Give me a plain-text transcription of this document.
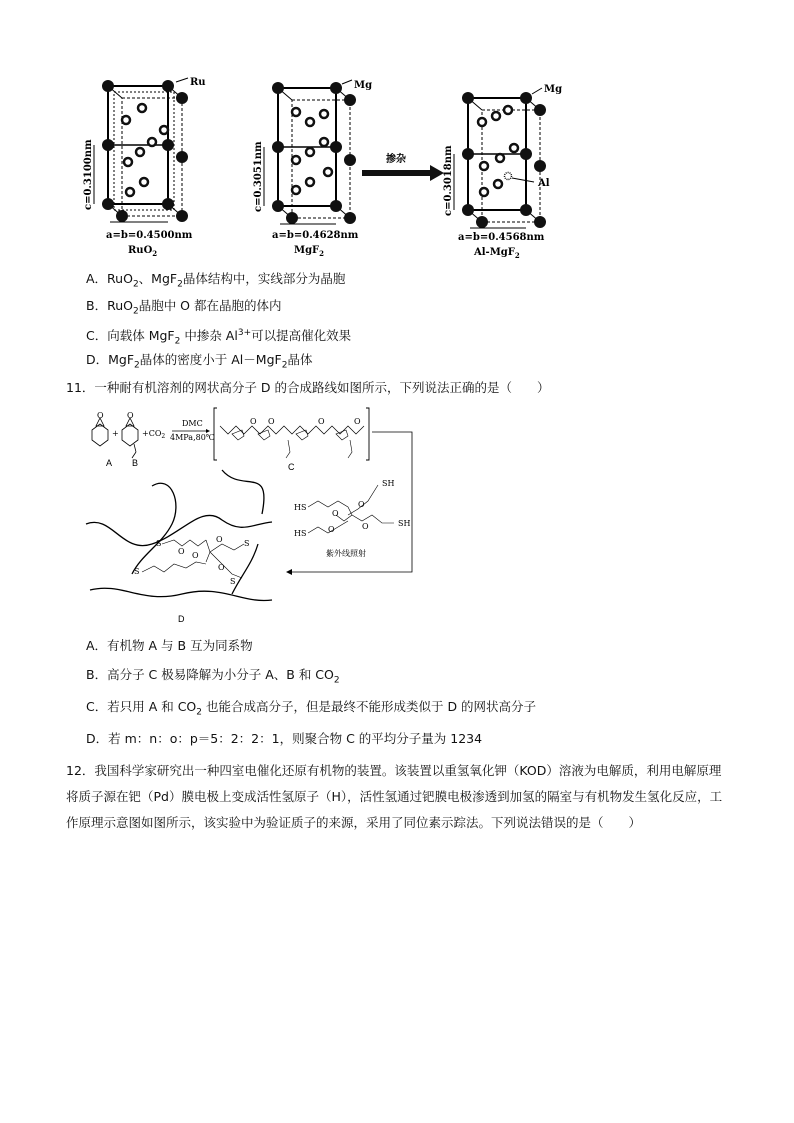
Ru
c=0.3100nm
a=b=0.4500nm
RuO$_2$
Mg
c=0.3051nm
a=b=0.4628nm
MgF$_2$
掺杂
Al
Mg
c=0.3018nm
a=b=0.4568nm
Al-MgF$_2$
A．RuO$_2$、MgF$_2$晶体结构中，实线部分为晶胞
B．RuO$_2$晶胞中 O 都在晶胞的体内
C．向载体 MgF$_2$ 中掺杂 $Al^{3+}$可以提高催化效果
D．MgF$_2$晶体的密度小于 Al－MgF$_2$晶体
11．一种耐有机溶剂的网状高分子 D 的合成路线如图所示，下列说法正确的是（　　）
O
A
+
O
B
$+CO_2$
DMC
4MPa,80℃
O O	O	O
C
HS
HS
SH
SH
O
O
O
O
紫外线照射
S
S
S
S
O O
O
O
D
A．有机物 A 与 B 互为同系物
B．高分子 C 极易降解为小分子 A、B 和 $CO_2$
C．若只用 A 和 $CO_2$ 也能合成高分子，但是最终不能形成类似于 D 的网状高分子
D．若 m：n：o：p＝5：2：2：1，则聚合物 C 的平均分子量为 1234
12．我国科学家研究出一种四室电催化还原有机物的装置。该装置以重氢氧化钾（KOD）溶液为电解质，利用电解原理将质子源在钯（Pd）膜电极上变成活性氢原子（H），活性氢通过钯膜电极渗透到加氢的隔室与有机物发生氢化反应，工作原理示意图如图所示，该实验中为验证质子的来源，采用了同位素示踪法。下列说法错误的是（　　）
